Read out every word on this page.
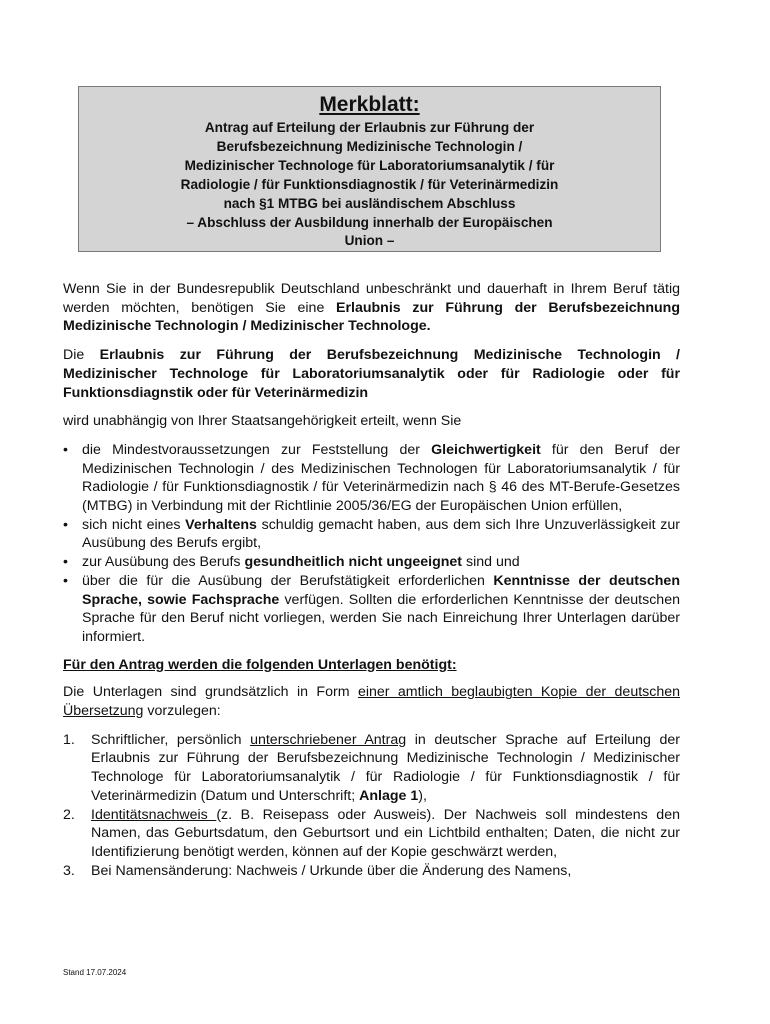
Merkblatt:
Antrag auf Erteilung der Erlaubnis zur Führung der
Berufsbezeichnung Medizinische Technologin /
Medizinischer Technologe für Laboratoriumsanalytik / für
Radiologie / für Funktionsdiagnostik / für Veterinärmedizin
nach §1 MTBG bei ausländischem Abschluss
– Abschluss der Ausbildung innerhalb der Europäischen
Union –

Wenn Sie in der Bundesrepublik Deutschland unbeschränkt und dauerhaft in Ihrem Beruf tätig werden möchten, benötigen Sie eine Erlaubnis zur Führung der Berufsbezeichnung Medizinische Technologin / Medizinischer Technologe.

Die Erlaubnis zur Führung der Berufsbezeichnung Medizinische Technologin / Medizinischer Technologe für Laboratoriumsanalytik oder für Radiologie oder für Funktionsdiagnstik oder für Veterinärmedizin

wird unabhängig von Ihrer Staatsangehörigkeit erteilt, wenn Sie

• die Mindestvoraussetzungen zur Feststellung der Gleichwertigkeit für den Beruf der Medizinischen Technologin / des Medizinischen Technologen für Laboratoriumsanalytik / für Radiologie / für Funktionsdiagnostik / für Veterinärmedizin nach § 46 des MT-Berufe-Gesetzes (MTBG) in Verbindung mit der Richtlinie 2005/36/EG der Europäischen Union erfüllen,
• sich nicht eines Verhaltens schuldig gemacht haben, aus dem sich Ihre Unzuverlässigkeit zur Ausübung des Berufs ergibt,
• zur Ausübung des Berufs gesundheitlich nicht ungeeignet sind und
• über die für die Ausübung der Berufstätigkeit erforderlichen Kenntnisse der deutschen Sprache, sowie Fachsprache verfügen. Sollten die erforderlichen Kenntnisse der deutschen Sprache für den Beruf nicht vorliegen, werden Sie nach Einreichung Ihrer Unterlagen darüber informiert.
Für den Antrag werden die folgenden Unterlagen benötigt:

Die Unterlagen sind grundsätzlich in Form einer amtlich beglaubigten Kopie der deutschen Übersetzung vorzulegen:

1. Schriftlicher, persönlich unterschriebener Antrag in deutscher Sprache auf Erteilung der Erlaubnis zur Führung der Berufsbezeichnung Medizinische Technologin / Medizinischer Technologe für Laboratoriumsanalytik / für Radiologie / für Funktionsdiagnostik / für Veterinärmedizin (Datum und Unterschrift; Anlage 1),
2. Identitätsnachweis (z. B. Reisepass oder Ausweis). Der Nachweis soll mindestens den Namen, das Geburtsdatum, den Geburtsort und ein Lichtbild enthalten; Daten, die nicht zur Identifizierung benötigt werden, können auf der Kopie geschwärzt werden,
3. Bei Namensänderung: Nachweis / Urkunde über die Änderung des Namens,
Stand 17.07.2024
